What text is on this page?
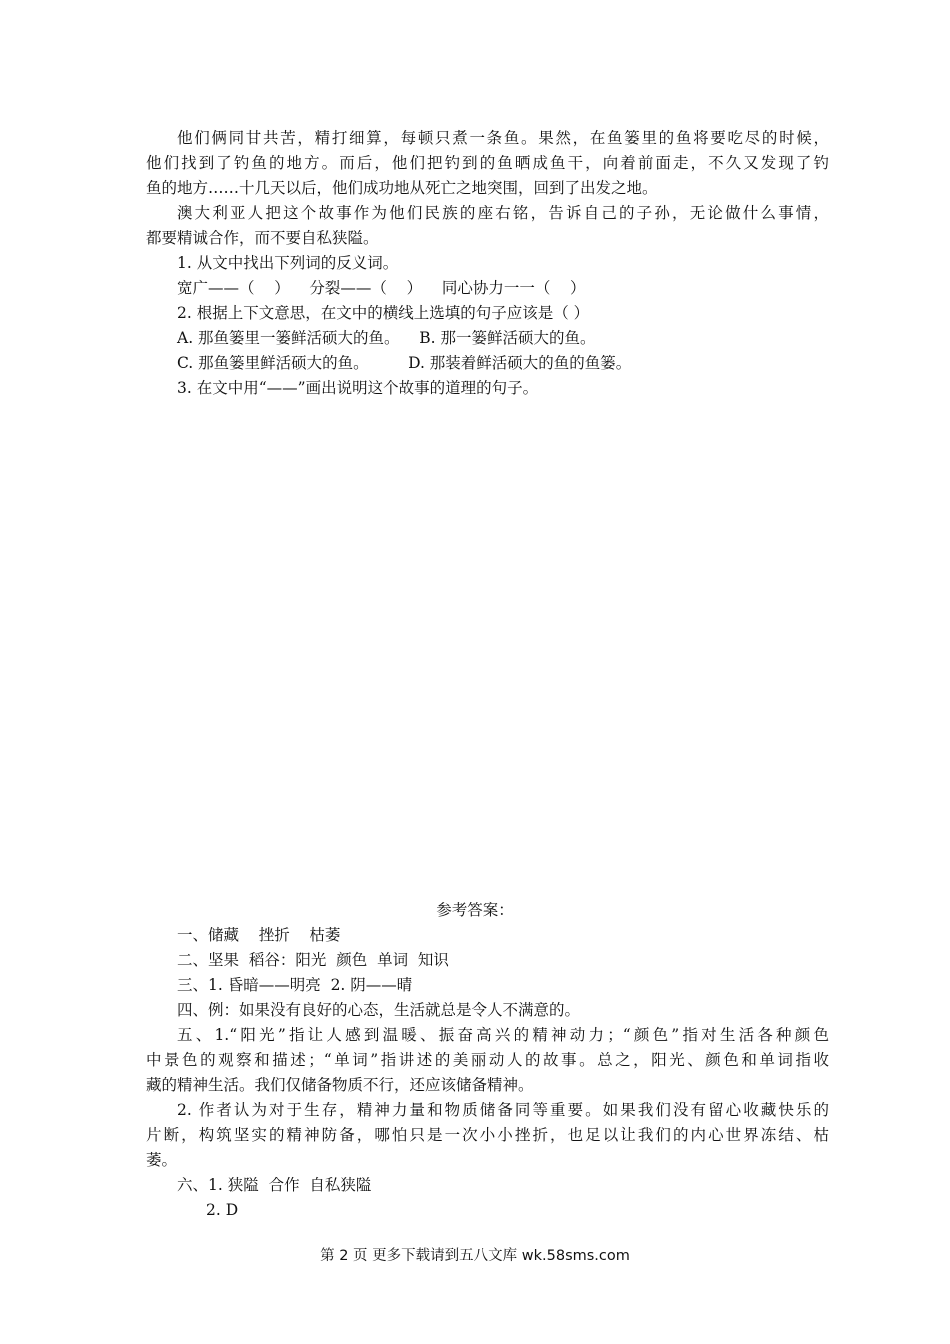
他们俩同甘共苦，精打细算，每顿只煮一条鱼。果然，在鱼篓里的鱼将要吃尽的时候，
他们找到了钓鱼的地方。而后，他们把钓到的鱼晒成鱼干，向着前面走，不久又发现了钓
鱼的地方……十几天以后，他们成功地从死亡之地突围，回到了出发之地。
澳大利亚人把这个故事作为他们民族的座右铭，告诉自己的子孙，无论做什么事情，
都要精诚合作，而不要自私狭隘。
1. 从文中找出下列词的反义词。
宽广——（    ）    分裂——（    ）    同心协力一一（    ）
2. 根据上下文意思，在文中的横线上选填的句子应该是（ ）
A. 那鱼篓里一篓鲜活硕大的鱼。    B. 那一篓鲜活硕大的鱼。
C. 那鱼篓里鲜活硕大的鱼。        D. 那装着鲜活硕大的鱼的鱼篓。
3. 在文中用“——”画出说明这个故事的道理的句子。
参考答案：
一、储藏    挫折    枯萎
二、坚果  稻谷：阳光  颜色  单词  知识
三、1. 昏暗——明亮  2. 阴——晴
四、例：如果没有良好的心态，生活就总是令人不满意的。
五、1.“阳光”指让人感到温暖、振奋高兴的精神动力；“颜色”指对生活各种颜色
中景色的观察和描述；“单词”指讲述的美丽动人的故事。总之，阳光、颜色和单词指收
藏的精神生活。我们仅储备物质不行，还应该储备精神。
2. 作者认为对于生存，精神力量和物质储备同等重要。如果我们没有留心收藏快乐的
片断，构筑坚实的精神防备，哪怕只是一次小小挫折，也足以让我们的内心世界冻结、枯
萎。
六、1. 狭隘  合作  自私狭隘
2. D
第 2 页 更多下载请到五八文库 wk.58sms.com
